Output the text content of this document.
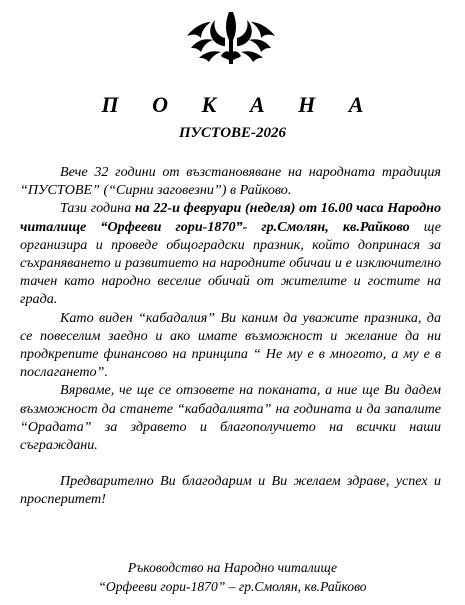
П О К А Н А
ПУСТОВЕ-2026

Вече 32 години от възстановяване на народната традиция “ПУСТОВЕ” (“Сирни заговезни”) в Райково.

Тази година на 22-и февруари (неделя) от 16.00 часа Народно читалище “Орфееви гори-1870”- гр.Смолян, кв.Райково ще организира и проведе общоградски празник, който допринася за съхраняването и развитието на народните обичаи и е изключително тачен като народно веселие обичай от жителите и гостите на града.

Като виден “кабадалия” Ви каним да уважите празника, да се повеселим заедно и ако имате възможност и желание да ни продкрепите финансово на принципа “ Не му е в многото, а му е в послагането”.

Вярваме, че ще се отзовете на поканата, а ние ще Ви дадем възможност да станете “кабадалията” на годината и да запалите “Орадата” за здравето и благополучието на всички наши съграждани.

Предварително Ви благодарим и Ви желаем здраве, успех и просперитет!

Ръководство на Народно читалище
“Орфееви гори-1870” – гр.Смолян, кв.Райково
